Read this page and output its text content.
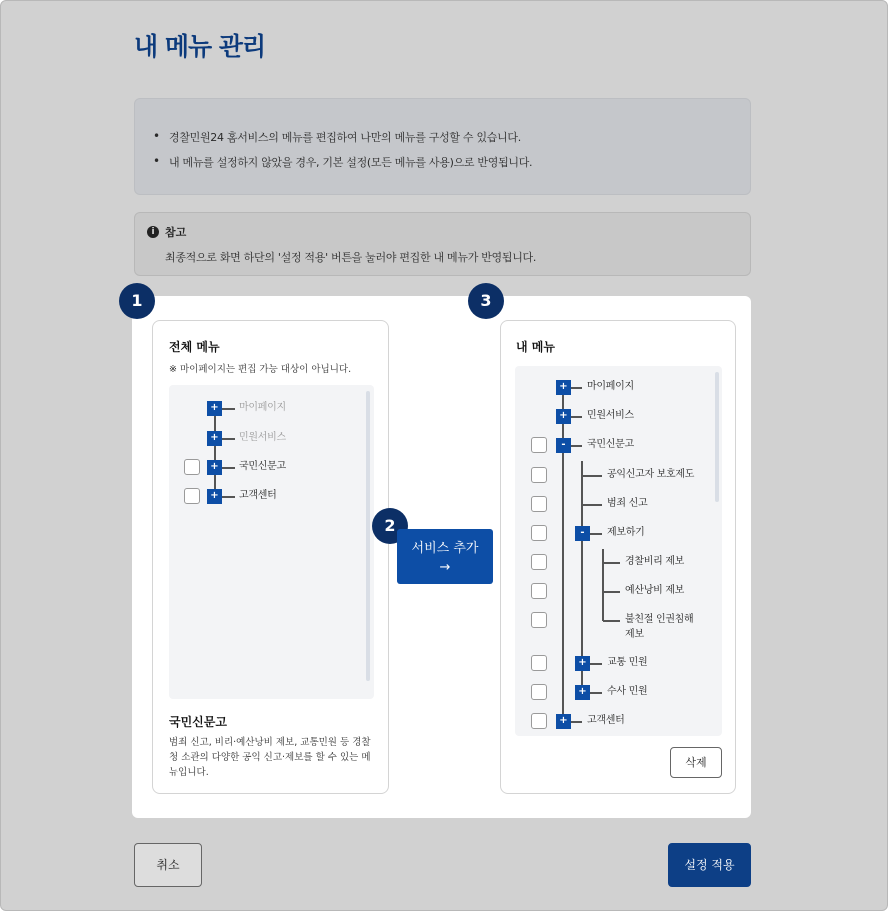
내 메뉴 관리
• 경찰민원24 홈서비스의 메뉴를 편집하여 나만의 메뉴를 구성할 수 있습니다.
• 내 메뉴를 설정하지 않았을 경우, 기본 설정(모든 메뉴를 사용)으로 반영됩니다.
i 참고
최종적으로 화면 하단의 '설정 적용' 버튼을 눌러야 편집한 내 메뉴가 반영됩니다.
전체 메뉴
※ 마이페이지는 편집 가능 대상이 아닙니다.
국민신문고
범죄 신고, 비리·예산낭비 제보, 교통민원 등 경찰청 소관의 다양한 공익 신고·제보를 할 수 있는 메뉴입니다.
내 메뉴
삭제
1
2
3
서비스 추가
→
취소	설정 적용
+	마이페이지
+	민원서비스
+	국민신문고
+	고객센터
+	마이페이지
+	민원서비스
-	국민신문고
공익신고자 보호제도
범죄 신고
-	제보하기
경찰비리 제보
예산낭비 제보
불친절 인권침해 제보
+	교통 민원
+	수사 민원
+	고객센터
